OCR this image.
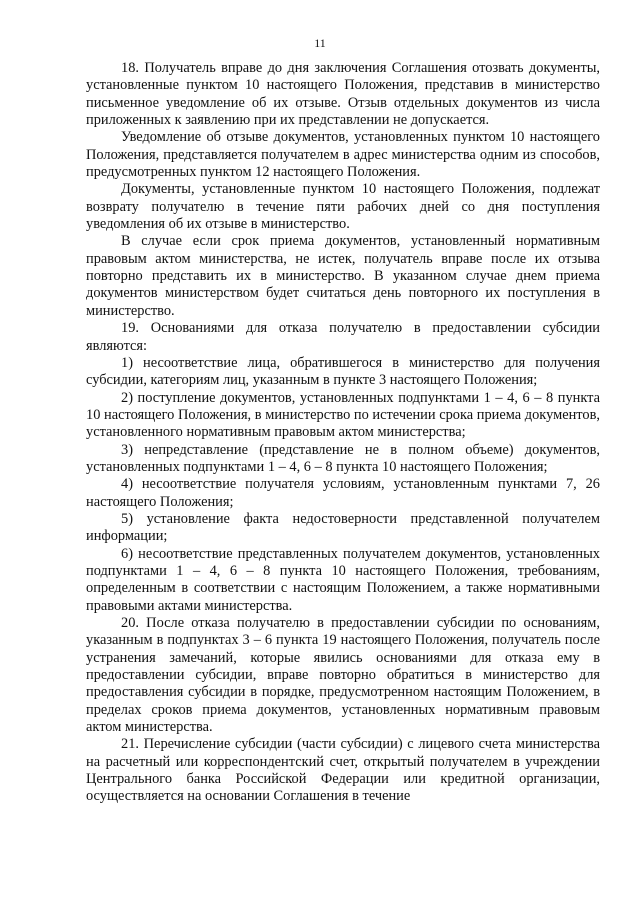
11

18. Получатель вправе до дня заключения Соглашения отозвать документы, установленные пунктом 10 настоящего Положения, представив в министерство письменное уведомление об их отзыве. Отзыв отдельных документов из числа приложенных к заявлению при их представлении не допускается.

Уведомление об отзыве документов, установленных пунктом 10 настоящего Положения, представляется получателем в адрес министерства одним из способов, предусмотренных пунктом 12 настоящего Положения.

Документы, установленные пунктом 10 настоящего Положения, подлежат возврату получателю в течение пяти рабочих дней со дня поступления уведомления об их отзыве в министерство.

В случае если срок приема документов, установленный нормативным правовым актом министерства, не истек, получатель вправе после их отзыва повторно представить их в министерство. В указанном случае днем приема документов министерством будет считаться день повторного их поступления в министерство.

19. Основаниями для отказа получателю в предоставлении субсидии являются:

1) несоответствие лица, обратившегося в министерство для получения субсидии, категориям лиц, указанным в пункте 3 настоящего Положения;

2) поступление документов, установленных подпунктами 1 – 4, 6 – 8 пункта 10 настоящего Положения, в министерство по истечении срока приема документов, установленного нормативным правовым актом министерства;

3) непредставление (представление не в полном объеме) документов, установленных подпунктами 1 – 4, 6 – 8 пункта 10 настоящего Положения;

4) несоответствие получателя условиям, установленным пунктами 7, 26 настоящего Положения;

5) установление факта недостоверности представленной получателем информации;

6) несоответствие представленных получателем документов, установленных подпунктами 1 – 4, 6 – 8 пункта 10 настоящего Положения, требованиям, определенным в соответствии с настоящим Положением, а также нормативными правовыми актами министерства.

20. После отказа получателю в предоставлении субсидии по основаниям, указанным в подпунктах 3 – 6 пункта 19 настоящего Положения, получатель после устранения замечаний, которые явились основаниями для отказа ему в предоставлении субсидии, вправе повторно обратиться в министерство для предоставления субсидии в порядке, предусмотренном настоящим Положением, в пределах сроков приема документов, установленных нормативным правовым актом министерства.

21. Перечисление субсидии (части субсидии) с лицевого счета министерства на расчетный или корреспондентский счет, открытый получателем в учреждении Центрального банка Российской Федерации или кредитной организации, осуществляется на основании Соглашения в течение
